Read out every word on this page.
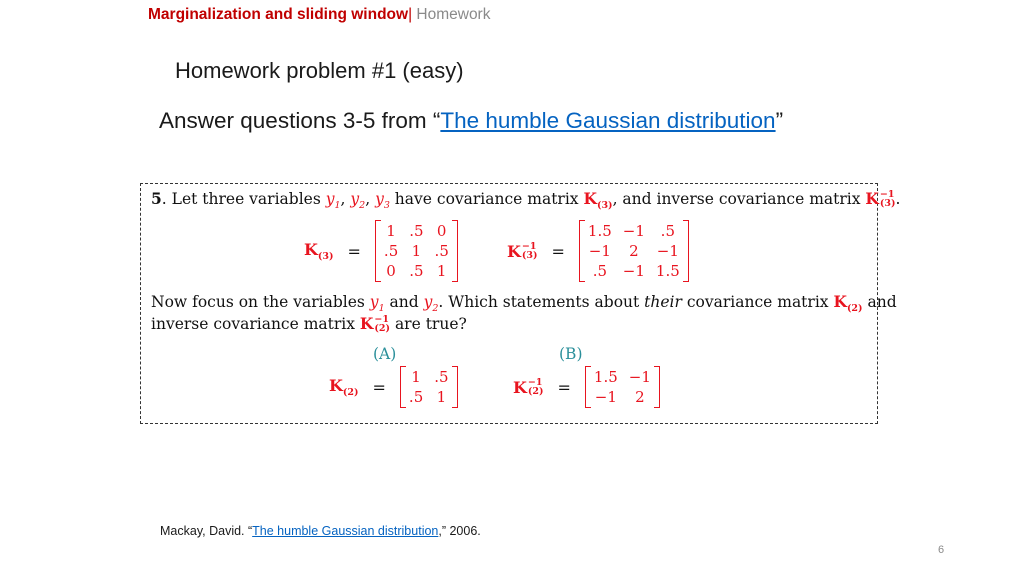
Marginalization and sliding window| Homework
Homework problem #1 (easy)
Answer questions 3-5 from “The humble Gaussian distribution”
5. Let three variables $y_1$, $y_2$, $y_3$ have covariance matrix $K_{(3)}$, and inverse covariance matrix K −1
(3) .
$K_{(3)}$ =
1 .5 0
.5 1 .5
0 .5 1
K −1
(3) =
1.5 −1 .5
−1 2 −1
.5 −1 1.5
Now focus on the variables $y_1$ and $y_2$. Which statements about their covariance matrix $K_{(2)}$ and
inverse covariance matrix K −1
(2) are true?
(A)	(B)
$K_{(2)}$ =
1 .5
.5 1
K −1
(2) =
1.5 −1
−1 2
Mackay, David. “The humble Gaussian distribution,” 2006.
6
